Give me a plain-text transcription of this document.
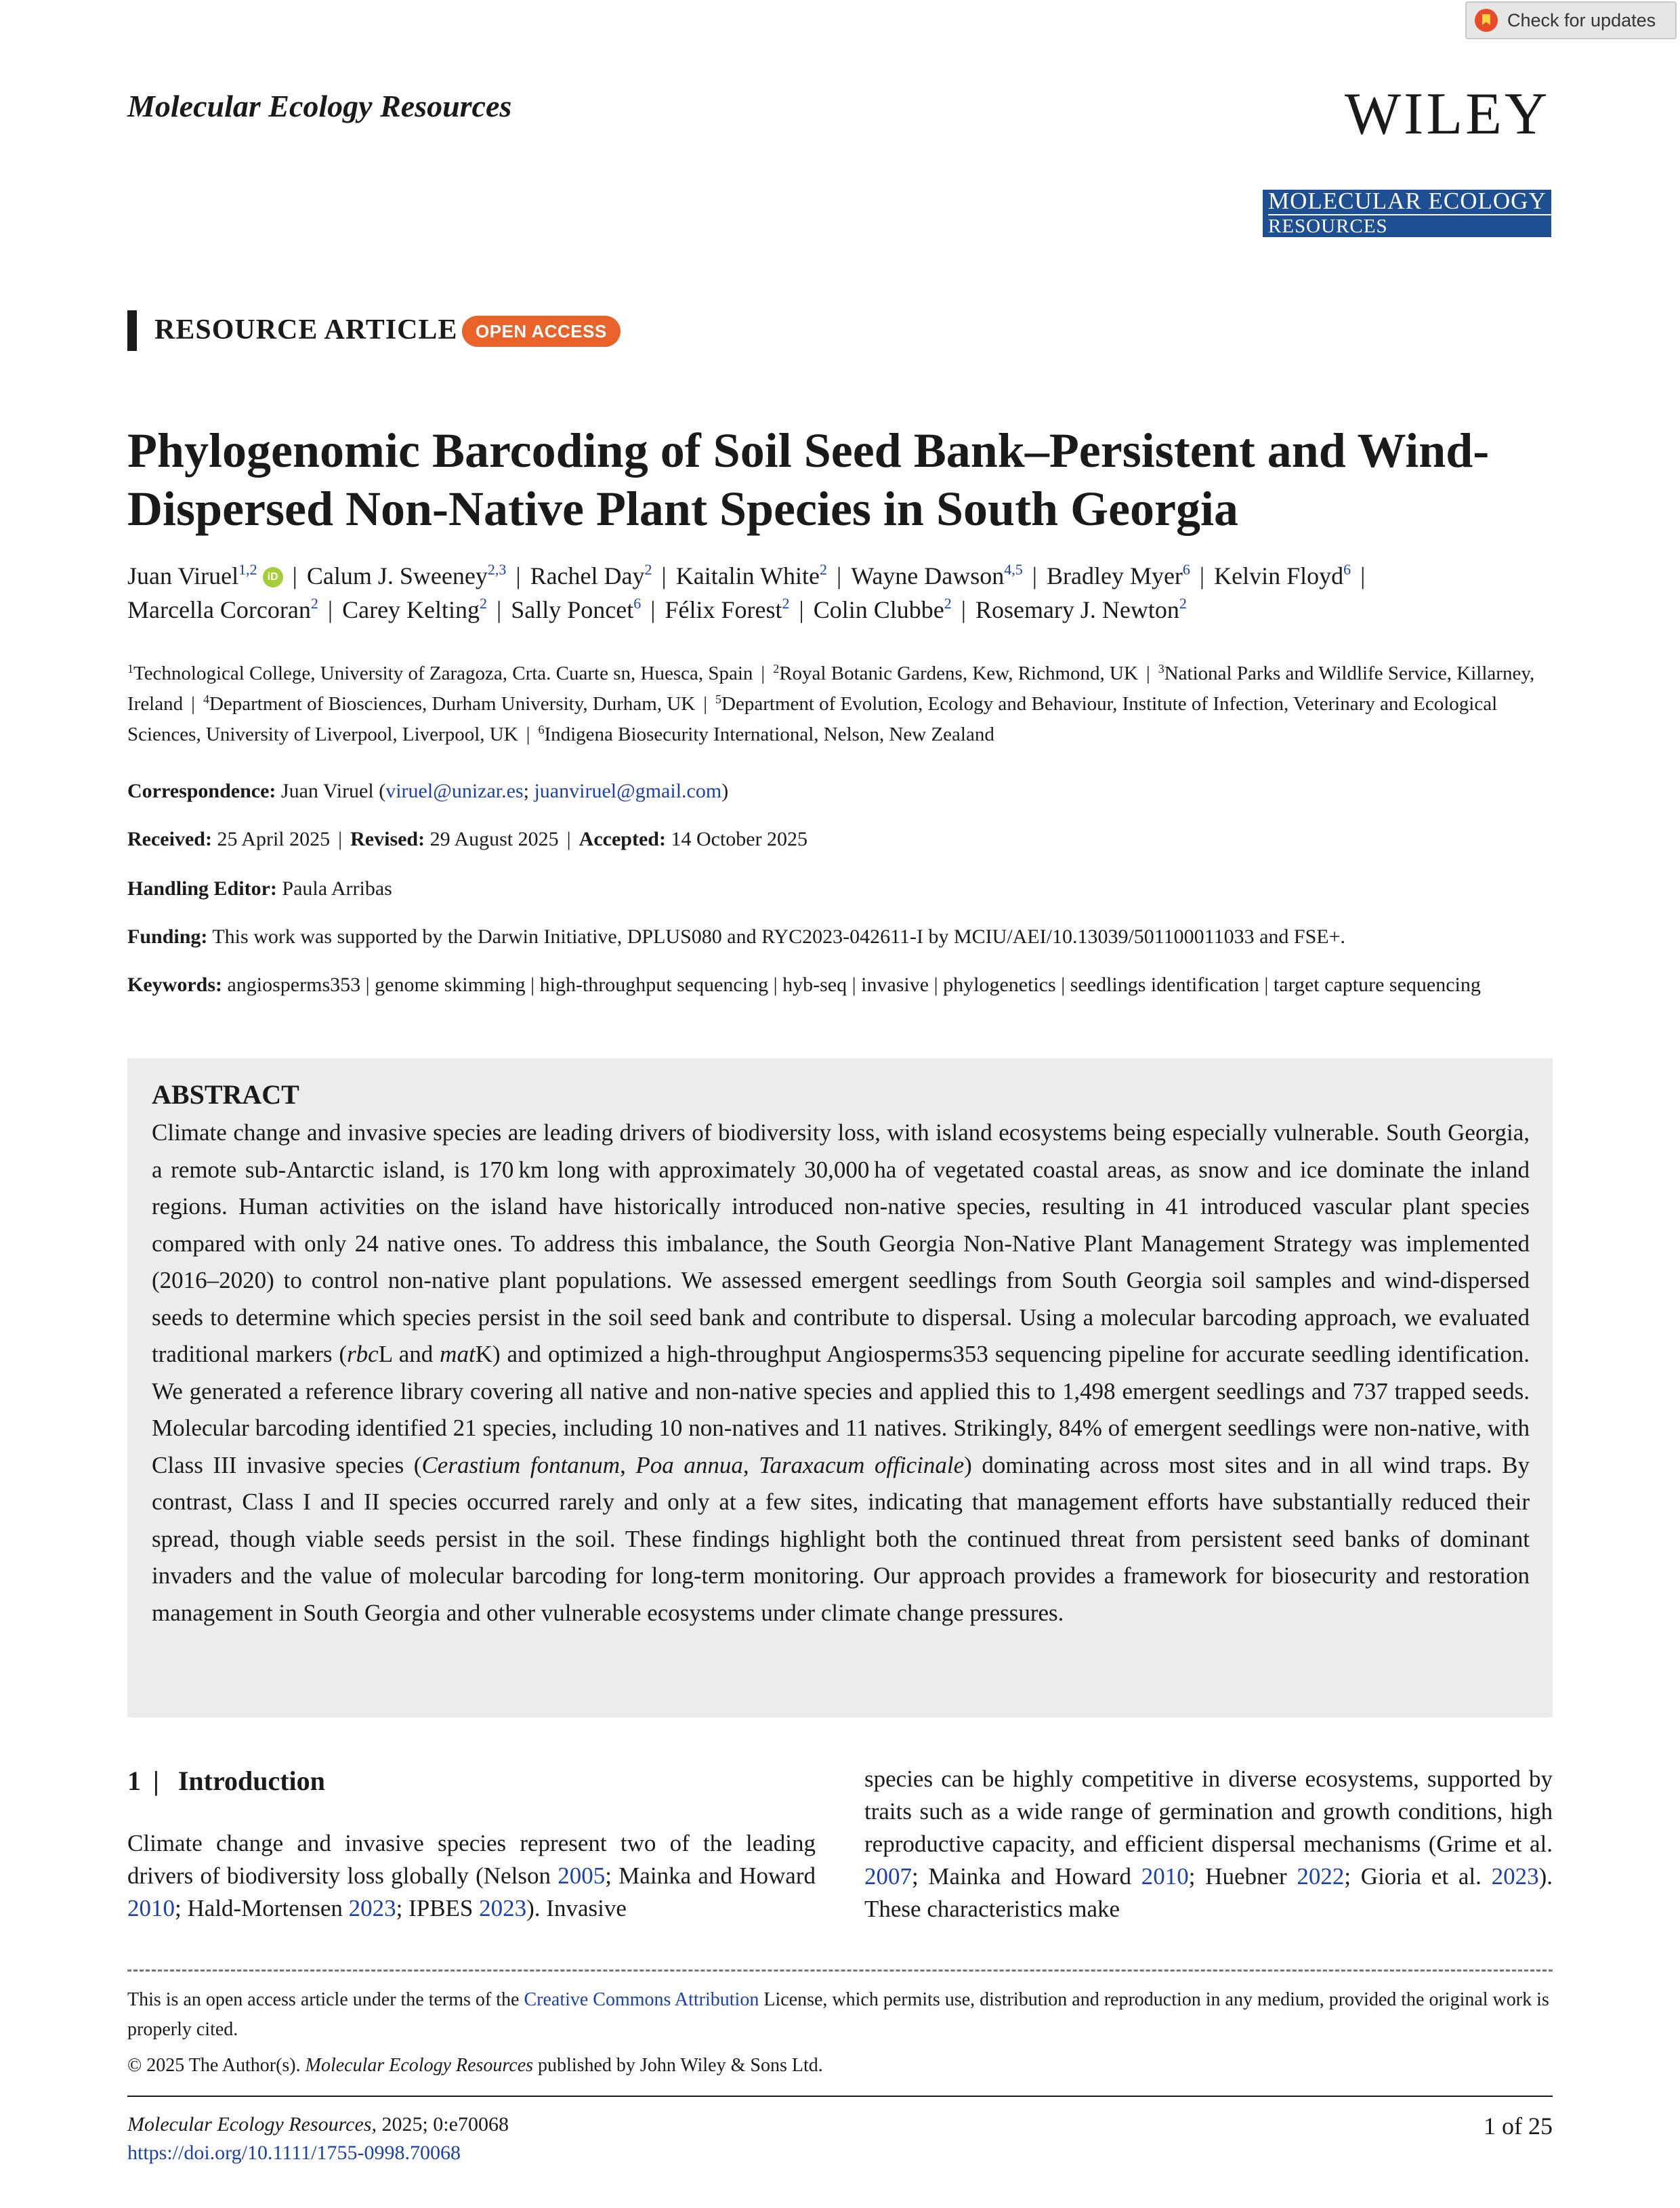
Check for updates
Molecular Ecology Resources	WILEY
MOLECULAR ECOLOGY
RESOURCES
RESOURCE ARTICLE	OPEN ACCESS
Phylogenomic Barcoding of Soil Seed Bank–Persistent and Wind-Dispersed Non-Native Plant Species in South Georgia
Juan Viruel$^{1,2}$ iD | Calum J. Sweeney$^{2,3}$ | Rachel Day$^2$ | Kaitalin White$^2$ | Wayne Dawson$^{4,5}$ | Bradley Myer$^6$ | Kelvin Floyd$^6$ |
Marcella Corcoran$^2$ | Carey Kelting$^2$ | Sally Poncet$^6$ | Félix Forest$^2$ | Colin Clubbe$^2$ | Rosemary J. Newton$^2$
$^1$Technological College, University of Zaragoza, Crta. Cuarte sn, Huesca, Spain | $^2$Royal Botanic Gardens, Kew, Richmond, UK | $^3$National Parks and Wildlife Service, Killarney, Ireland | $^4$Department of Biosciences, Durham University, Durham, UK | $^5$Department of Evolution, Ecology and Behaviour, Institute of Infection, Veterinary and Ecological Sciences, University of Liverpool, Liverpool, UK | $^6$Indigena Biosecurity International, Nelson, New Zealand
Correspondence: Juan Viruel (viruel@unizar.es; juanviruel@gmail.com)
Received: 25 April 2025 | Revised: 29 August 2025 | Accepted: 14 October 2025
Handling Editor: Paula Arribas
Funding: This work was supported by the Darwin Initiative, DPLUS080 and RYC2023-042611-I by MCIU/AEI/10.13039/501100011033 and FSE+.
Keywords: angiosperms353 | genome skimming | high-throughput sequencing | hyb-seq | invasive | phylogenetics | seedlings identification | target capture sequencing
ABSTRACT

Climate change and invasive species are leading drivers of biodiversity loss, with island ecosystems being especially vulnerable. South Georgia, a remote sub-Antarctic island, is 170 km long with approximately 30,000 ha of vegetated coastal areas, as snow and ice dominate the inland regions. Human activities on the island have historically introduced non-native species, resulting in 41 introduced vascular plant species compared with only 24 native ones. To address this imbalance, the South Georgia Non-Native Plant Management Strategy was implemented (2016–2020) to control non-native plant populations. We assessed emergent seedlings from South Georgia soil samples and wind-dispersed seeds to determine which species persist in the soil seed bank and contribute to dispersal. Using a molecular barcoding approach, we evaluated traditional markers (rbcL and matK) and optimized a high-throughput Angiosperms353 sequencing pipeline for accurate seedling identification. We generated a reference library covering all native and non-native species and applied this to 1,498 emergent seedlings and 737 trapped seeds. Molecular barcoding identified 21 species, including 10 non-natives and 11 natives. Strikingly, 84% of emergent seedlings were non-native, with Class III invasive species (Cerastium fontanum, Poa annua, Taraxacum officinale) dominating across most sites and in all wind traps. By contrast, Class I and II species occurred rarely and only at a few sites, indicating that management efforts have substantially reduced their spread, though viable seeds persist in the soil. These findings highlight both the continued threat from persistent seed banks of dominant invaders and the value of molecular barcoding for long-term monitoring. Our approach provides a framework for biosecurity and restoration management in South Georgia and other vulnerable ecosystems under climate change pressures.

1 | Introduction

Climate change and invasive species represent two of the leading drivers of biodiversity loss globally (Nelson 2005; Mainka and Howard 2010; Hald-Mortensen 2023; IPBES 2023). Invasive

species can be highly competitive in diverse ecosystems, supported by traits such as a wide range of germination and growth conditions, high reproductive capacity, and efficient dispersal mechanisms (Grime et al. 2007; Mainka and Howard 2010; Huebner 2022; Gioria et al. 2023). These characteristics make

This is an open access article under the terms of the Creative Commons Attribution License, which permits use, distribution and reproduction in any medium, provided the original work is properly cited.
© 2025 The Author(s). Molecular Ecology Resources published by John Wiley & Sons Ltd.
Molecular Ecology Resources, 2025; 0:e70068
https://doi.org/10.1111/1755-0998.70068
1 of 25
